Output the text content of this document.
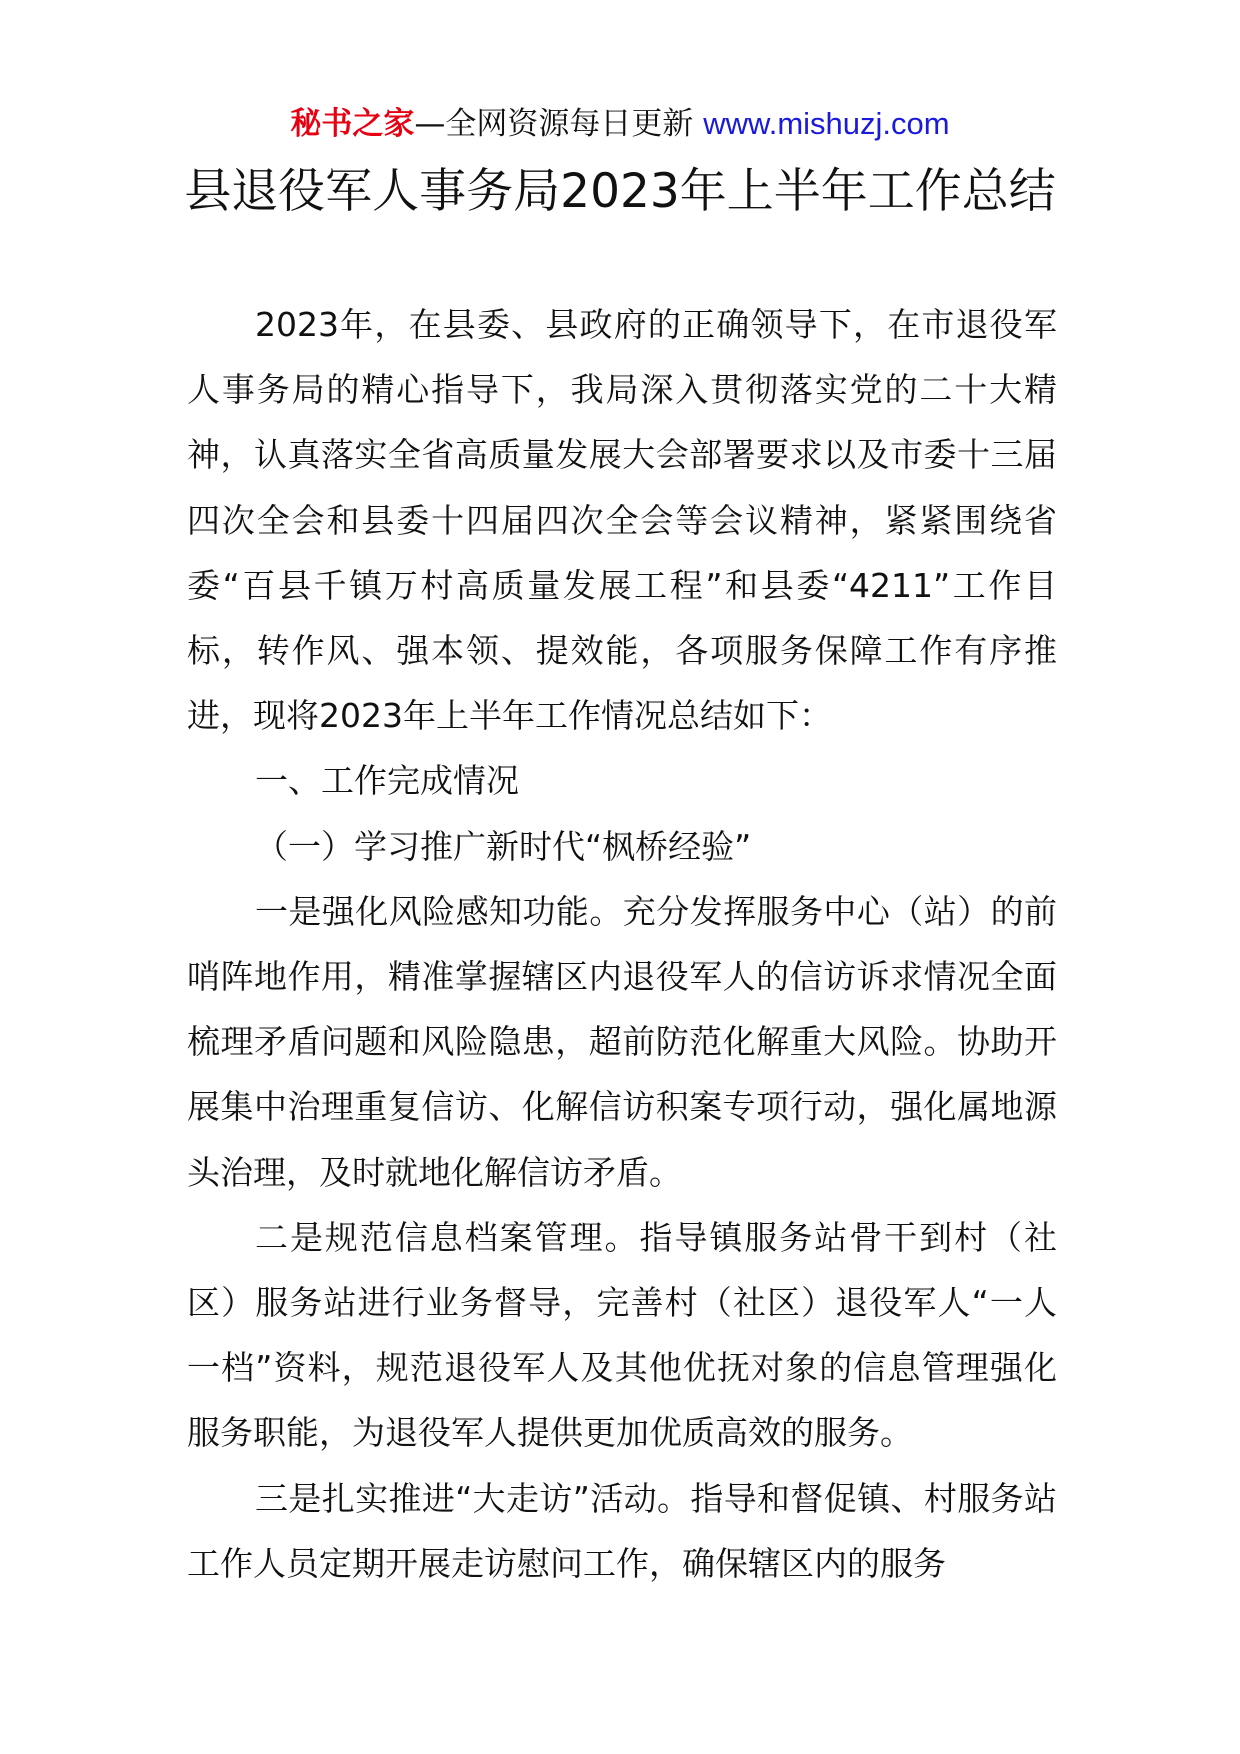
秘书之家—全网资源每日更新 www.mishuzj.com
县退役军人事务局2023年上半年工作总结

2023年，在县委、县政府的正确领导下，在市退役军人事务局的精心指导下，我局深入贯彻落实党的二十大精神，认真落实全省高质量发展大会部署要求以及市委十三届四次全会和县委十四届四次全会等会议精神，紧紧围绕省委“百县千镇万村高质量发展工程”和县委“4211”工作目标，转作风、强本领、提效能，各项服务保障工作有序推进，现将2023年上半年工作情况总结如下：

一、工作完成情况

（一）学习推广新时代“枫桥经验”

一是强化风险感知功能。充分发挥服务中心（站）的前哨阵地作用，精准掌握辖区内退役军人的信访诉求情况全面梳理矛盾问题和风险隐患，超前防范化解重大风险。协助开展集中治理重复信访、化解信访积案专项行动，强化属地源头治理，及时就地化解信访矛盾。

二是规范信息档案管理。指导镇服务站骨干到村（社区）服务站进行业务督导，完善村（社区）退役军人“一人一档”资料，规范退役军人及其他优抚对象的信息管理强化服务职能，为退役军人提供更加优质高效的服务。

三是扎实推进“大走访”活动。指导和督促镇、村服务站工作人员定期开展走访慰问工作，确保辖区内的服务
